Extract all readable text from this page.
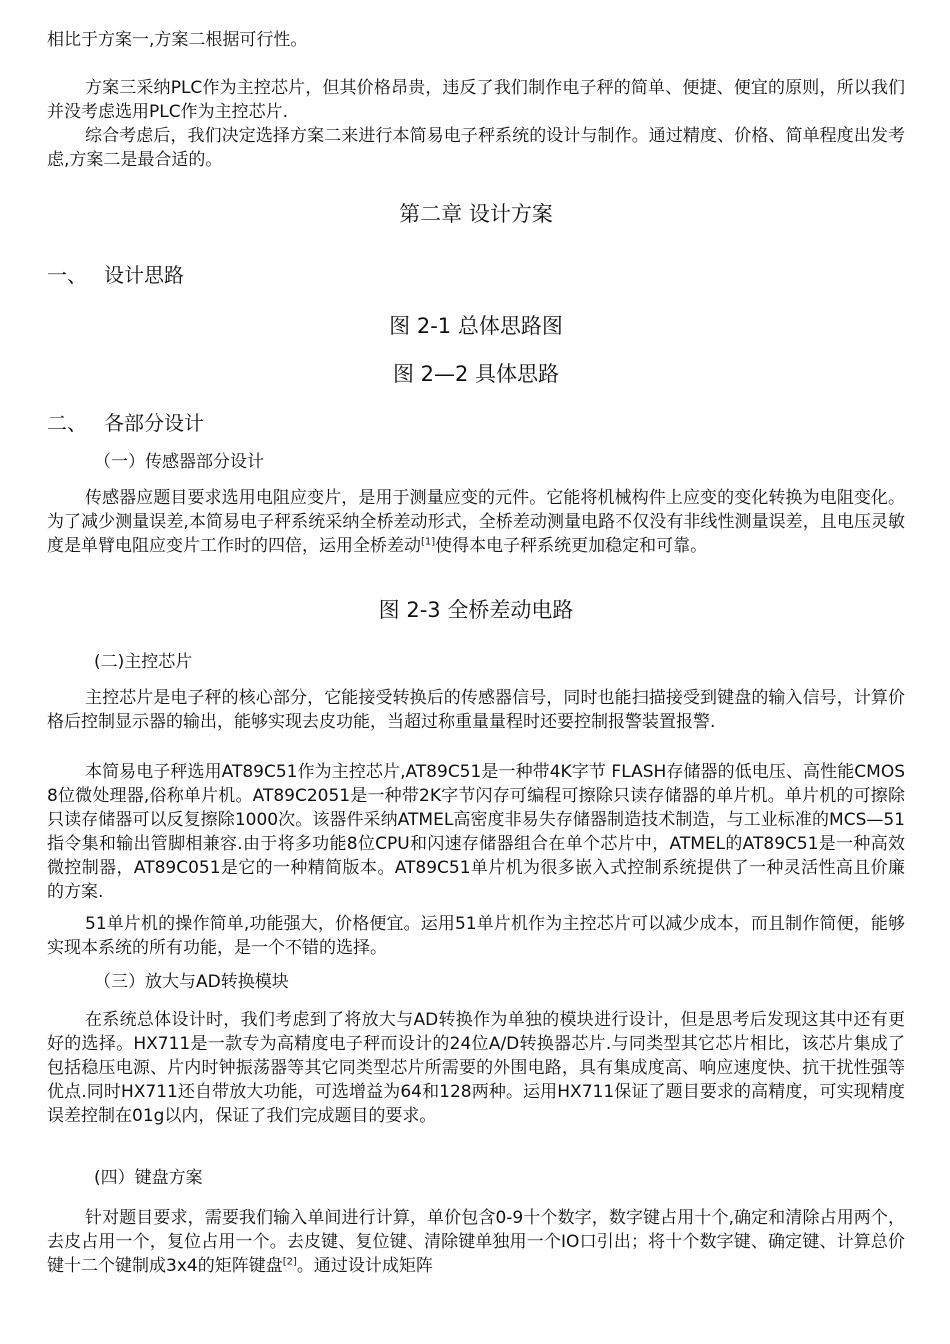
相比于方案一,方案二根据可行性。

方案三采纳PLC作为主控芯片，但其价格昂贵，违反了我们制作电子秤的简单、便捷、便宜的原则，所以我们并没考虑选用PLC作为主控芯片.

综合考虑后，我们决定选择方案二来进行本简易电子秤系统的设计与制作。通过精度、价格、简单程度出发考虑,方案二是最合适的。

第二章 设计方案
一、 设计思路
图 2-1 总体思路图
图 2—2 具体思路
二、 各部分设计
（一）传感器部分设计

传感器应题目要求选用电阻应变片，是用于测量应变的元件。它能将机械构件上应变的变化转换为电阻变化。为了减少测量误差,本简易电子秤系统采纳全桥差动形式，全桥差动测量电路不仅没有非线性测量误差，且电压灵敏度是单臂电阻应变片工作时的四倍，运用全桥差动[1]使得本电子秤系统更加稳定和可靠。

图 2-3 全桥差动电路
(二)主控芯片

主控芯片是电子秤的核心部分，它能接受转换后的传感器信号，同时也能扫描接受到键盘的输入信号，计算价格后控制显示器的输出，能够实现去皮功能，当超过称重量量程时还要控制报警装置报警.

本简易电子秤选用AT89C51作为主控芯片,AT89C51是一种带4K字节 FLASH存储器的低电压、高性能CMOS 8位微处理器,俗称单片机。AT89C2051是一种带2K字节闪存可编程可擦除只读存储器的单片机。单片机的可擦除只读存储器可以反复擦除1000次。该器件采纳ATMEL高密度非易失存储器制造技术制造，与工业标准的MCS—51指令集和输出管脚相兼容.由于将多功能8位CPU和闪速存储器组合在单个芯片中，ATMEL的AT89C51是一种高效微控制器，AT89C051是它的一种精简版本。AT89C51单片机为很多嵌入式控制系统提供了一种灵活性高且价廉的方案.

51单片机的操作简单,功能强大，价格便宜。运用51单片机作为主控芯片可以减少成本，而且制作简便，能够实现本系统的所有功能，是一个不错的选择。

（三）放大与AD转换模块

在系统总体设计时，我们考虑到了将放大与AD转换作为单独的模块进行设计，但是思考后发现这其中还有更好的选择。HX711是一款专为高精度电子秤而设计的24位A/D转换器芯片.与同类型其它芯片相比，该芯片集成了包括稳压电源、片内时钟振荡器等其它同类型芯片所需要的外围电路，具有集成度高、响应速度快、抗干扰性强等优点.同时HX711还自带放大功能，可选增益为64和128两种。运用HX711保证了题目要求的高精度，可实现精度误差控制在01g以内，保证了我们完成题目的要求。

(四）键盘方案

针对题目要求，需要我们输入单间进行计算，单价包含0-9十个数字，数字键占用十个,确定和清除占用两个，去皮占用一个，复位占用一个。去皮键、复位键、清除键单独用一个IO口引出；将十个数字键、确定键、计算总价键十二个键制成3x4的矩阵键盘[2]。通过设计成矩阵
